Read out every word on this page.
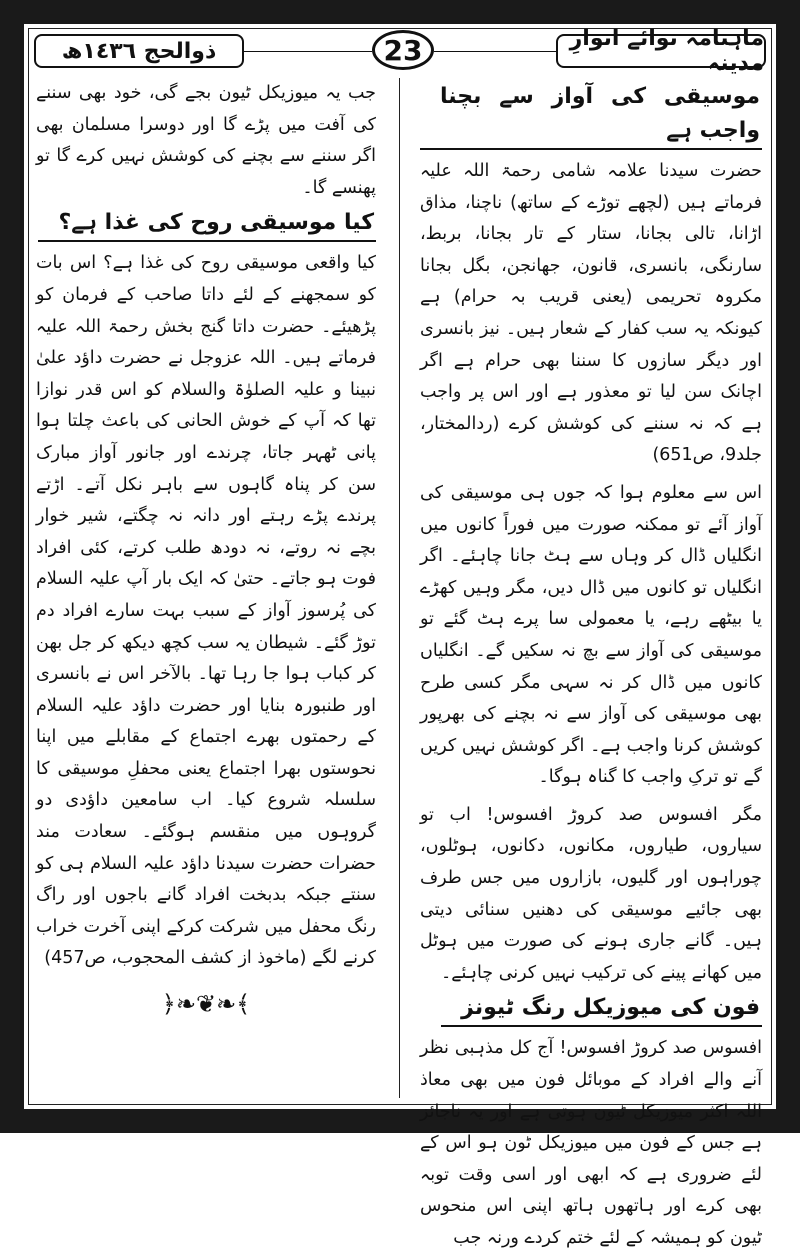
ذوالحج ١٤٣٦ھ	23	ماہنامہ نوائے انوارِ مدینہ
موسیقی کی آواز سے بچنا واجب ہے

حضرت سیدنا علامہ شامی رحمۃ اللہ علیہ فرماتے ہیں (لچھے توڑے کے ساتھ) ناچنا، مذاق اڑانا، تالی بجانا، ستار کے تار بجانا، بربط، سارنگی، بانسری، قانون، جھانجن، بگل بجانا مکروہ تحریمی (یعنی قریب بہ حرام) ہے کیونکہ یہ سب کفار کے شعار ہیں۔ نیز بانسری اور دیگر سازوں کا سننا بھی حرام ہے اگر اچانک سن لیا تو معذور ہے اور اس پر واجب ہے کہ نہ سننے کی کوشش کرے (ردالمختار، جلد9، ص651)

اس سے معلوم ہوا کہ جوں ہی موسیقی کی آواز آئے تو ممکنہ صورت میں فوراً کانوں میں انگلیاں ڈال کر وہاں سے ہٹ جانا چاہئے۔ اگر انگلیاں تو کانوں میں ڈال دیں، مگر وہیں کھڑے یا بیٹھے رہے، یا معمولی سا پرے ہٹ گئے تو موسیقی کی آواز سے بچ نہ سکیں گے۔ انگلیاں کانوں میں ڈال کر نہ سہی مگر کسی طرح بھی موسیقی کی آواز سے نہ بچنے کی بھرپور کوشش کرنا واجب ہے۔ اگر کوشش نہیں کریں گے تو ترکِ واجب کا گناہ ہوگا۔

مگر افسوس صد کروڑ افسوس! اب تو سیاروں، طیاروں، مکانوں، دکانوں، ہوٹلوں، چوراہوں اور گلیوں، بازاروں میں جس طرف بھی جائیے موسیقی کی دھنیں سنائی دیتی ہیں۔ گانے جاری ہونے کی صورت میں ہوٹل میں کھانے پینے کی ترکیب نہیں کرنی چاہئے۔

فون کی میوزیکل رنگ ٹیونز

افسوس صد کروڑ افسوس! آج کل مذہبی نظر آنے والے افراد کے موبائل فون میں بھی معاذ اللہ اکثر میوزیکل ٹیون ہوتی ہے اور یہ ناجائز ہے جس کے فون میں میوزیکل ٹون ہو اس کے لئے ضروری ہے کہ ابھی اور اسی وقت توبہ بھی کرے اور ہاتھوں ہاتھ اپنی اس منحوس ٹیون کو ہمیشہ کے لئے ختم کردے ورنہ جب

جب یہ میوزیکل ٹیون بجے گی، خود بھی سننے کی آفت میں پڑے گا اور دوسرا مسلمان بھی اگر سننے سے بچنے کی کوشش نہیں کرے گا تو پھنسے گا۔

کیا موسیقی روح کی غذا ہے؟

کیا واقعی موسیقی روح کی غذا ہے؟ اس بات کو سمجھنے کے لئے داتا صاحب کے فرمان کو پڑھیئے۔ حضرت داتا گنج بخش رحمۃ اللہ علیہ فرماتے ہیں۔ اللہ عزوجل نے حضرت داؤد علیٰ نبینا و علیہ الصلوٰۃ والسلام کو اس قدر نوازا تھا کہ آپ کے خوش الحانی کی باعث چلتا ہوا پانی ٹھہر جاتا، چرندے اور جانور آواز مبارک سن کر پناہ گاہوں سے باہر نکل آتے۔ اڑتے پرندے پڑے رہتے اور دانہ نہ چگتے، شیر خوار بچے نہ روتے، نہ دودھ طلب کرتے، کئی افراد فوت ہو جاتے۔ حتیٰ کہ ایک بار آپ علیہ السلام کی پُرسوز آواز کے سبب بہت سارے افراد دم توڑ گئے۔ شیطان یہ سب کچھ دیکھ کر جل بھن کر کباب ہوا جا رہا تھا۔ بالآخر اس نے بانسری اور طنبورہ بنایا اور حضرت داؤد علیہ السلام کے رحمتوں بھرے اجتماع کے مقابلے میں اپنا نحوستوں بھرا اجتماع یعنی محفلِ موسیقی کا سلسلہ شروع کیا۔ اب سامعین داؤدی دو گروہوں میں منقسم ہوگئے۔ سعادت مند حضرات حضرت سیدنا داؤد علیہ السلام ہی کو سنتے جبکہ بدبخت افراد گانے باجوں اور راگ رنگ محفل میں شرکت کرکے اپنی آخرت خراب کرنے لگے (ماخوذ از کشف المحجوب، ص457)

﴾❧❦❧﴿
